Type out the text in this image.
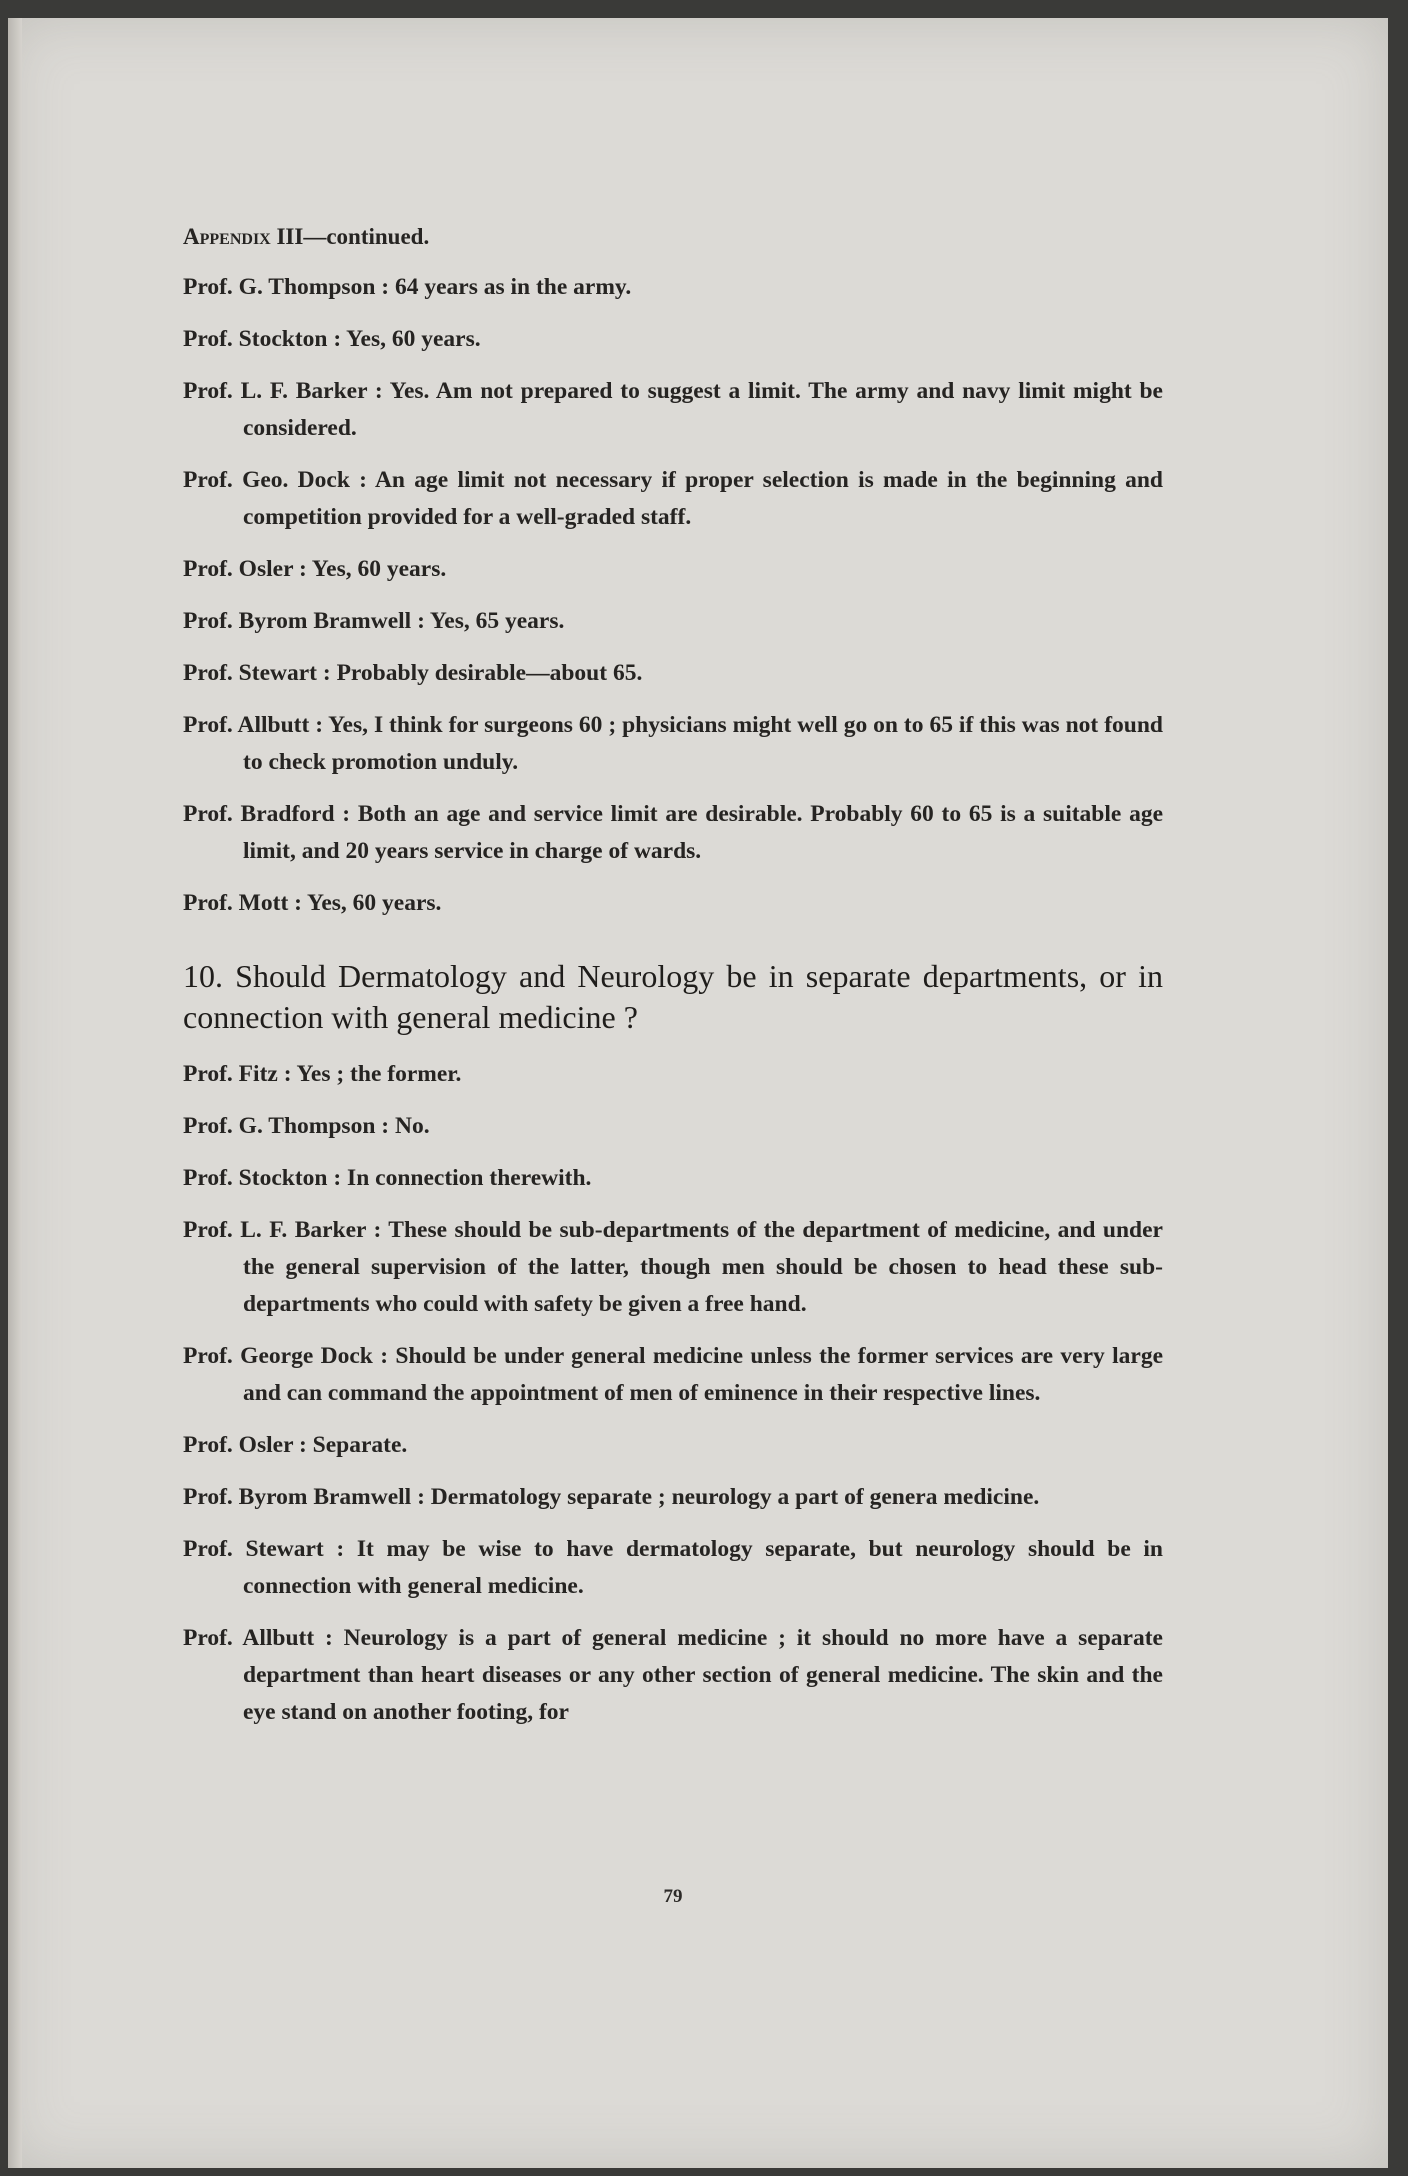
Appendix III—continued.

Prof. G. Thompson : 64 years as in the army.

Prof. Stockton : Yes, 60 years.

Prof. L. F. Barker : Yes. Am not prepared to suggest a limit. The army and navy limit might be considered.

Prof. Geo. Dock : An age limit not necessary if proper selection is made in the beginning and competition provided for a well-graded staff.

Prof. Osler : Yes, 60 years.

Prof. Byrom Bramwell : Yes, 65 years.

Prof. Stewart : Probably desirable—about 65.

Prof. Allbutt : Yes, I think for surgeons 60 ; physicians might well go on to 65 if this was not found to check promotion unduly.

Prof. Bradford : Both an age and service limit are desirable. Probably 60 to 65 is a suitable age limit, and 20 years service in charge of wards.

Prof. Mott : Yes, 60 years.

10. Should Dermatology and Neurology be in separate departments, or in connection with general medicine ?

Prof. Fitz : Yes ; the former.

Prof. G. Thompson : No.

Prof. Stockton : In connection therewith.

Prof. L. F. Barker : These should be sub-departments of the department of medicine, and under the general supervision of the latter, though men should be chosen to head these sub-departments who could with safety be given a free hand.

Prof. George Dock : Should be under general medicine unless the former services are very large and can command the appointment of men of eminence in their respective lines.

Prof. Osler : Separate.

Prof. Byrom Bramwell : Dermatology separate ; neurology a part of genera medicine.

Prof. Stewart : It may be wise to have dermatology separate, but neurology should be in connection with general medicine.

Prof. Allbutt : Neurology is a part of general medicine ; it should no more have a separate department than heart diseases or any other section of general medicine. The skin and the eye stand on another footing, for

79
